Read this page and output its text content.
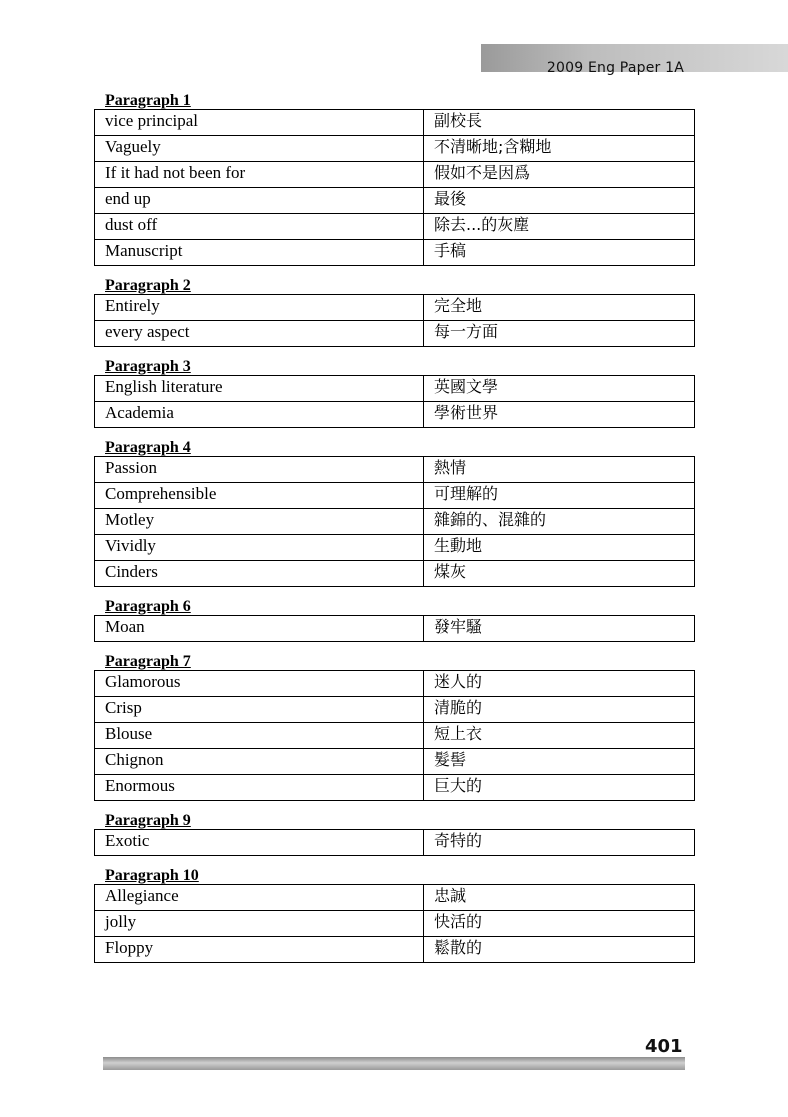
2009 Eng Paper 1A
Paragraph 1
vice principal	副校長
Vaguely	不清晰地;含糊地
If it had not been for	假如不是因爲
end up	最後
dust off	除去...的灰塵
Manuscript	手稿
Paragraph 2
Entirely	完全地
every aspect	每一方面
Paragraph 3
English literature	英國文學
Academia	學術世界
Paragraph 4
Passion	熱情
Comprehensible	可理解的
Motley	雜錦的、混雜的
Vividly	生動地
Cinders	煤灰
Paragraph 6
Moan	發牢騷
Paragraph 7
Glamorous	迷人的
Crisp	清脆的
Blouse	短上衣
Chignon	髮髻
Enormous	巨大的
Paragraph 9
Exotic	奇特的
Paragraph 10
Allegiance	忠誠
jolly	快活的
Floppy	鬆散的
401
